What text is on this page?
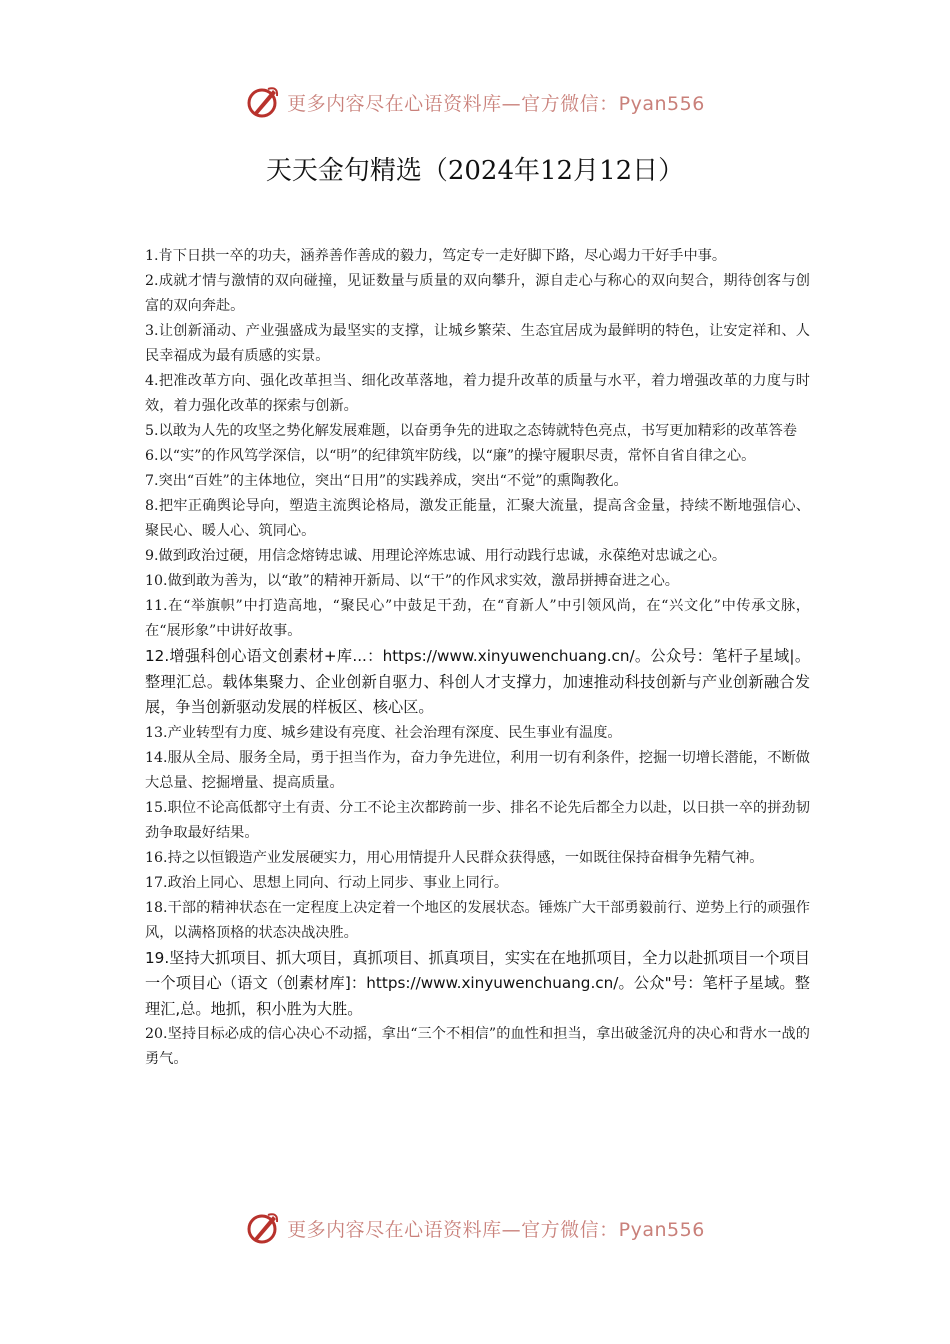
更多内容尽在心语资料库—官方微信：Pyan556
天天金句精选（2024年12月12日）

1.肯下日拱一卒的功夫，涵养善作善成的毅力，笃定专一走好脚下路，尽心竭力干好手中事。

2.成就才情与激情的双向碰撞，见证数量与质量的双向攀升，源自走心与称心的双向契合，期待创客与创富的双向奔赴。

3.让创新涌动、产业强盛成为最坚实的支撑，让城乡繁荣、生态宜居成为最鲜明的特色，让安定祥和、人民幸福成为最有质感的实景。

4.把准改革方向、强化改革担当、细化改革落地，着力提升改革的质量与水平，着力增强改革的力度与时效，着力强化改革的探索与创新。

5.以敢为人先的攻坚之势化解发展难题，以奋勇争先的进取之态铸就特色亮点，书写更加精彩的改革答卷

6.以“实”的作风笃学深信，以“明”的纪律筑牢防线，以“廉”的操守履职尽责，常怀自省自律之心。

7.突出“百姓”的主体地位，突出“日用”的实践养成，突出“不觉”的熏陶教化。

8.把牢正确舆论导向，塑造主流舆论格局，激发正能量，汇聚大流量，提高含金量，持续不断地强信心、聚民心、暖人心、筑同心。

9.做到政治过硬，用信念熔铸忠诚、用理论淬炼忠诚、用行动践行忠诚，永葆绝对忠诚之心。

10.做到敢为善为，以“敢”的精神开新局、以“干”的作风求实效，激昂拼搏奋进之心。

11.在“举旗帜”中打造高地，“聚民心”中鼓足干劲，在“育新人”中引领风尚，在“兴文化”中传承文脉，在“展形象”中讲好故事。

12.增强科创心语文创素材+库...：https://www.xinyuwenchuang.cn/。公众号：笔杆子星域|。整理汇总。载体集聚力、企业创新自驱力、科创人才支撑力，加速推动科技创新与产业创新融合发展，争当创新驱动发展的样板区、核心区。

13.产业转型有力度、城乡建设有亮度、社会治理有深度、民生事业有温度。

14.服从全局、服务全局，勇于担当作为，奋力争先进位，利用一切有利条件，挖掘一切增长潜能，不断做大总量、挖掘增量、提高质量。

15.职位不论高低都守土有责、分工不论主次都跨前一步、排名不论先后都全力以赴，以日拱一卒的拼劲韧劲争取最好结果。

16.持之以恒锻造产业发展硬实力，用心用情提升人民群众获得感，一如既往保持奋楫争先精气神。

17.政治上同心、思想上同向、行动上同步、事业上同行。

18.干部的精神状态在一定程度上决定着一个地区的发展状态。锤炼广大干部勇毅前行、逆势上行的顽强作风，以满格顶格的状态决战决胜。

19.坚持大抓项目、抓大项目，真抓项目、抓真项目，实实在在地抓项目，全力以赴抓项目一个项目一个项目心（语文（创素材库]：https://www.xinyuwenchuang.cn/。公众"号：笔杆子星域。整理汇,总。地抓，积小胜为大胜。

20.坚持目标必成的信心决心不动摇，拿出“三个不相信”的血性和担当，拿出破釜沉舟的决心和背水一战的勇气。

更多内容尽在心语资料库—官方微信：Pyan556
